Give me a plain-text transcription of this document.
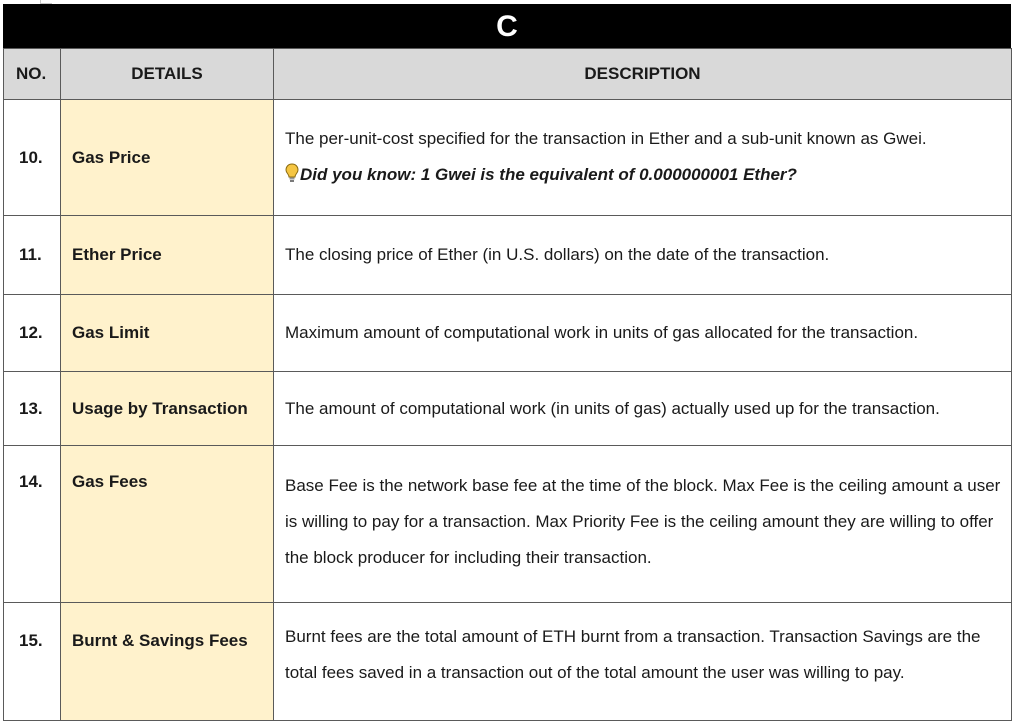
C
NO.	DETAILS	DESCRIPTION
10.	Gas Price	The per-unit-cost specified for the transaction in Ether and a sub-unit known as Gwei.
Did you know: 1 Gwei is the equivalent of 0.000000001 Ether?

11.	Ether Price	The closing price of Ether (in U.S. dollars) on the date of the transaction.
12.	Gas Limit	Maximum amount of computational work in units of gas allocated for the transaction.
13.	Usage by Transaction	The amount of computational work (in units of gas) actually used up for the transaction.
14.	Gas Fees	Base Fee is the network base fee at the time of the block. Max Fee is the ceiling amount a user is willing to pay for a transaction. Max Priority Fee is the ceiling amount they are willing to offer the block producer for including their transaction.
15.	Burnt & Savings Fees	Burnt fees are the total amount of ETH burnt from a transaction. Transaction Savings are the total fees saved in a transaction out of the total amount the user was willing to pay.
